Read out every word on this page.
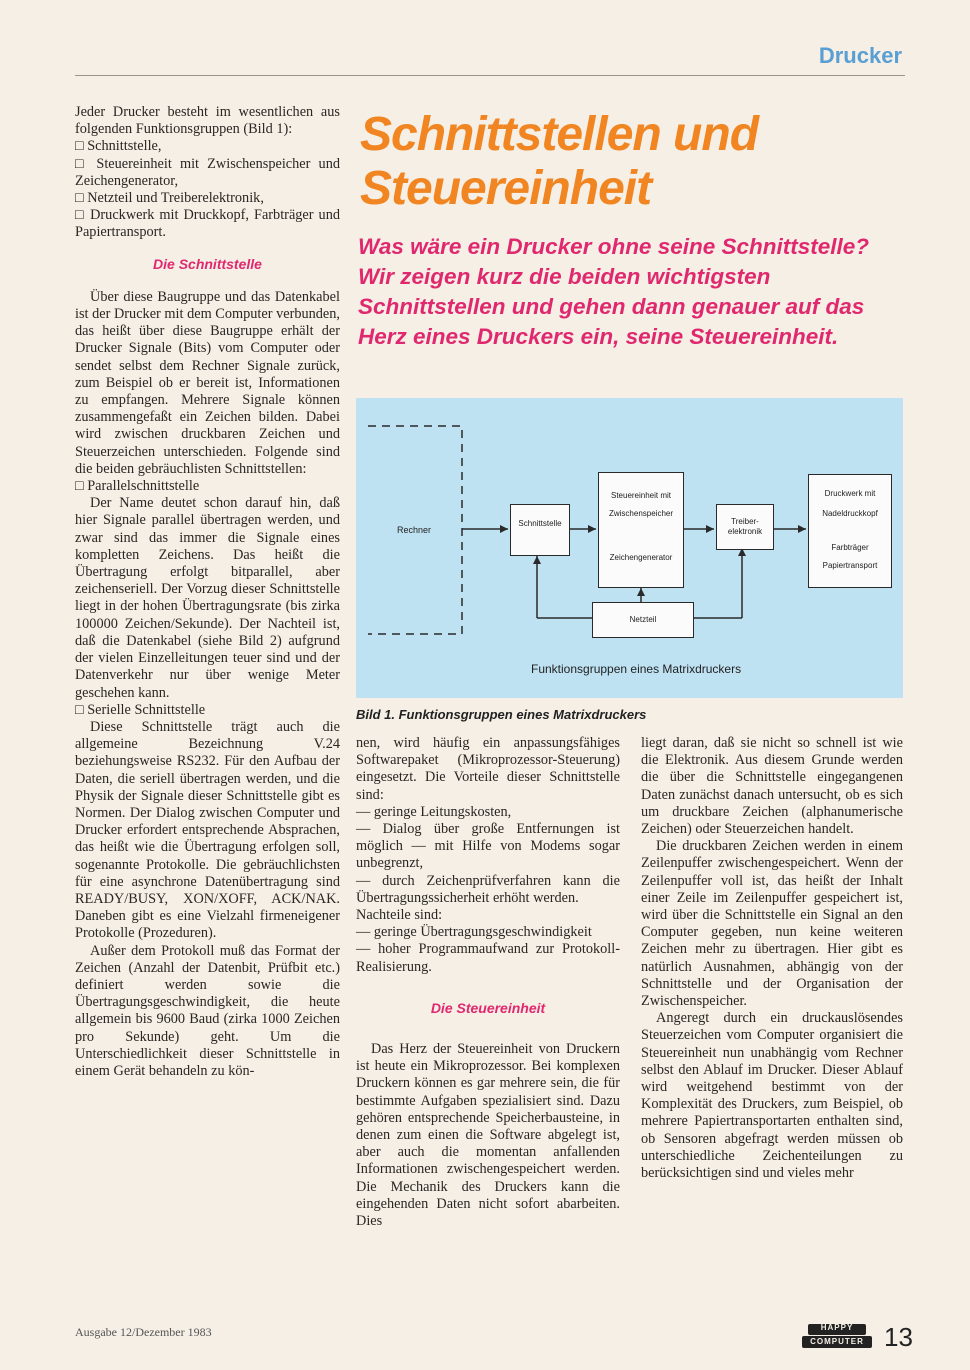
Drucker

Jeder Drucker besteht im wesentlichen aus folgenden Funktionsgruppen (Bild 1):

□ Schnittstelle,

□ Steuereinheit mit Zwischenspeicher und Zeichengenerator,

□ Netzteil und Treiberelektronik,

□ Druckwerk mit Druckkopf, Farbträger und Papiertransport.

Die Schnittstelle

Über diese Baugruppe und das Datenkabel ist der Drucker mit dem Computer verbunden, das heißt über diese Baugruppe erhält der Drucker Signale (Bits) vom Computer oder sendet selbst dem Rechner Signale zurück, zum Beispiel ob er bereit ist, Informationen zu empfangen. Mehrere Signale können zusammengefaßt ein Zeichen bilden. Dabei wird zwischen druckbaren Zeichen und Steuerzeichen unterschieden. Folgende sind die beiden gebräuchlisten Schnittstellen:

□ Parallelschnittstelle

Der Name deutet schon darauf hin, daß hier Signale parallel übertragen werden, und zwar sind das immer die Signale eines kompletten Zeichens. Das heißt die Übertragung erfolgt bitparallel, aber zeichenseriell. Der Vorzug dieser Schnittstelle liegt in der hohen Übertragungsrate (bis zirka 100000 Zeichen/Sekunde). Der Nachteil ist, daß die Datenkabel (siehe Bild 2) aufgrund der vielen Einzelleitungen teuer sind und der Datenverkehr nur über wenige Meter geschehen kann.

□ Serielle Schnittstelle

Diese Schnittstelle trägt auch die allgemeine Bezeichnung V.24 beziehungsweise RS232. Für den Aufbau der Daten, die seriell übertragen werden, und die Physik der Signale dieser Schnittstelle gibt es Normen. Der Dialog zwischen Computer und Drucker erfordert entsprechende Absprachen, das heißt wie die Übertragung erfolgen soll, sogenannte Protokolle. Die gebräuchlichsten für eine asynchrone Datenübertragung sind READY/BUSY, XON/XOFF, ACK/NAK. Daneben gibt es eine Vielzahl firmeneigener Protokolle (Prozeduren).

Außer dem Protokoll muß das Format der Zeichen (Anzahl der Datenbit, Prüfbit etc.) definiert werden sowie die Übertragungsgeschwindigkeit, die heute allgemein bis 9600 Baud (zirka 1000 Zeichen pro Sekunde) geht. Um die Unterschiedlichkeit dieser Schnittstelle in einem Gerät behandeln zu kön-

Schnittstellen und
Steuereinheit
Was wäre ein Drucker ohne seine Schnittstelle? Wir zeigen kurz die beiden wichtigsten Schnittstellen und gehen dann genauer auf das Herz eines Druckers ein, seine Steuereinheit.
Rechner
Schnittstelle
Steuereinheit mit
Zwischenspeicher
Zeichengenerator
Treiber-
elektronik
Druckwerk mit
Nadeldruckkopf
Farbträger
Papiertransport
Netzteil
Funktionsgruppen eines Matrixdruckers
Bild 1. Funktionsgruppen eines Matrixdruckers

nen, wird häufig ein anpassungsfähiges Softwarepaket (Mikroprozessor-Steuerung) eingesetzt. Die Vorteile dieser Schnittstelle sind:

— geringe Leitungskosten,

— Dialog über große Entfernungen ist möglich — mit Hilfe von Modems sogar unbegrenzt,

— durch Zeichenprüfverfahren kann die Übertragungssicherheit erhöht werden.

Nachteile sind:

— geringe Übertragungsgeschwindigkeit

— hoher Programmaufwand zur Protokoll-Realisierung.

Die Steuereinheit

Das Herz der Steuereinheit von Druckern ist heute ein Mikroprozessor. Bei komplexen Druckern können es gar mehrere sein, die für bestimmte Aufgaben spezialisiert sind. Dazu gehören entsprechende Speicherbausteine, in denen zum einen die Software abgelegt ist, aber auch die momentan anfallenden Informationen zwischengespeichert werden. Die Mechanik des Druckers kann die eingehenden Daten nicht sofort abarbeiten. Dies

liegt daran, daß sie nicht so schnell ist wie die Elektronik. Aus diesem Grunde werden die über die Schnittstelle eingegangenen Daten zunächst danach untersucht, ob es sich um druckbare Zeichen (alphanumerische Zeichen) oder Steuerzeichen handelt.

Die druckbaren Zeichen werden in einem Zeilenpuffer zwischengespeichert. Wenn der Zeilenpuffer voll ist, das heißt der Inhalt einer Zeile im Zeilenpuffer gespeichert ist, wird über die Schnittstelle ein Signal an den Computer gegeben, nun keine weiteren Zeichen mehr zu übertragen. Hier gibt es natürlich Ausnahmen, abhängig von der Schnittstelle und der Organisation der Zwischenspeicher.

Angeregt durch ein druckauslösendes Steuerzeichen vom Computer organisiert die Steuereinheit nun unabhängig vom Rechner selbst den Ablauf im Drucker. Dieser Ablauf wird weitgehend bestimmt von der Komplexität des Druckers, zum Beispiel, ob mehrere Papiertransportarten enthalten sind, ob Sensoren abgefragt werden müssen ob unterschiedliche Zeichenteilungen zu berücksichtigen sind und vieles mehr

Ausgabe 12/Dezember 1983	HAPPY
COMPUTER 13
